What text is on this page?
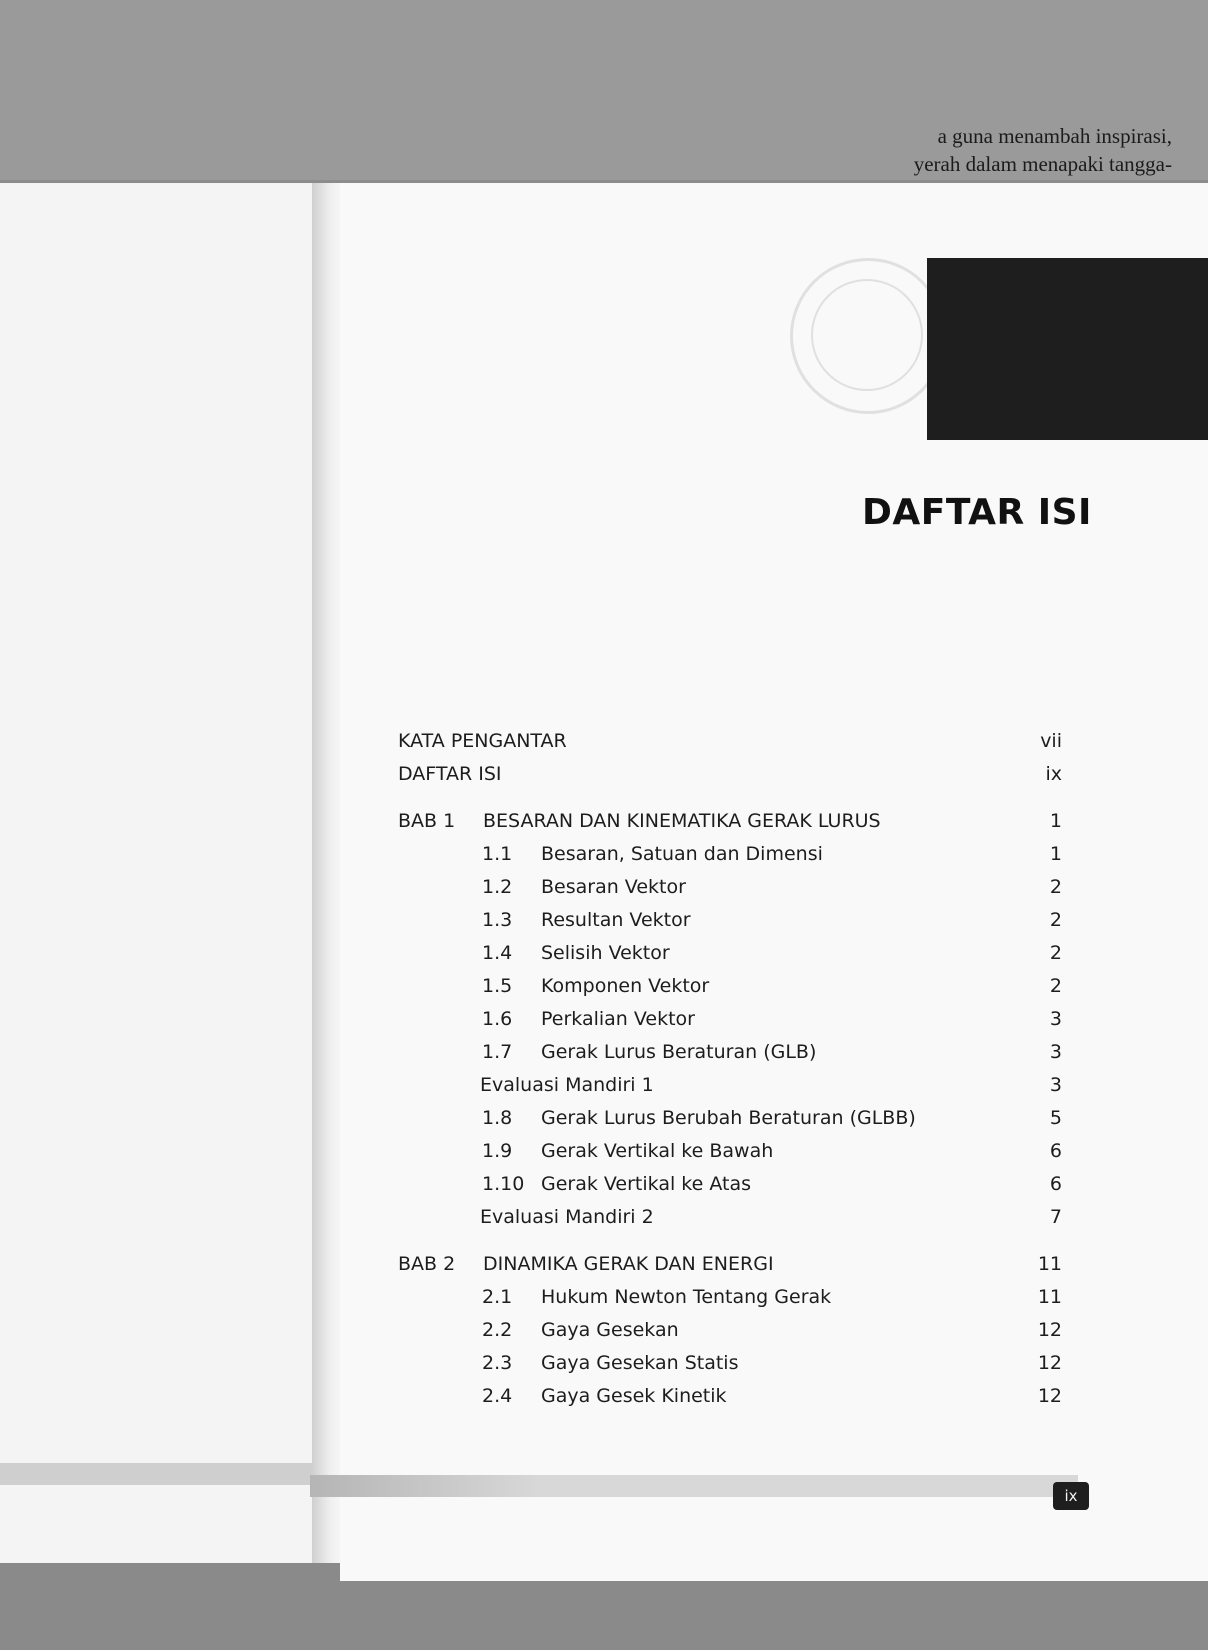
a guna menambah inspirasi,
yerah dalam menapaki tangga-
DAFTAR ISI
KATA PENGANTAR	vii
DAFTAR ISI	ix
BAB 1 BESARAN DAN KINEMATIKA GERAK LURUS	1
1.1 Besaran, Satuan dan Dimensi	1
1.2 Besaran Vektor	2
1.3 Resultan Vektor	2
1.4 Selisih Vektor	2
1.5 Komponen Vektor	2
1.6 Perkalian Vektor	3
1.7 Gerak Lurus Beraturan (GLB)	3
Evaluasi Mandiri 1	3
1.8 Gerak Lurus Berubah Beraturan (GLBB)	5
1.9 Gerak Vertikal ke Bawah	6
1.10 Gerak Vertikal ke Atas	6
Evaluasi Mandiri 2	7
BAB 2 DINAMIKA GERAK DAN ENERGI	11
2.1 Hukum Newton Tentang Gerak	11
2.2 Gaya Gesekan	12
2.3 Gaya Gesekan Statis	12
2.4 Gaya Gesek Kinetik	12
ix
